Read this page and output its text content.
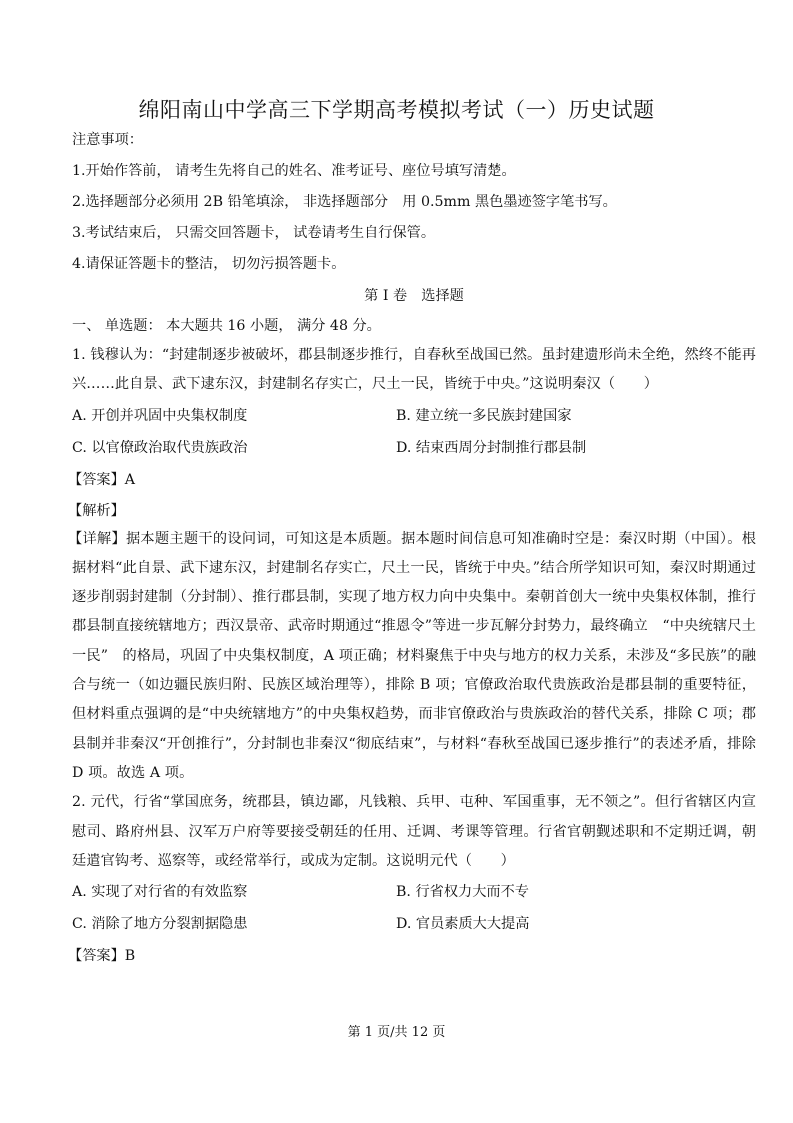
绵阳南山中学高三下学期高考模拟考试（一）历史试题

注意事项：

1.开始作答前， 请考生先将自己的姓名、准考证号、座位号填写清楚。

2.选择题部分必须用 2B 铅笔填涂， 非选择题部分　用 0.5mm 黑色墨迹签字笔书写。

3.考试结束后， 只需交回答题卡， 试卷请考生自行保管。

4.请保证答题卡的整洁， 切勿污损答题卡。

第 I 卷　选择题

一、 单选题： 本大题共 16 小题， 满分 48 分。

1. 钱穆认为：“封建制逐步被破坏，郡县制逐步推行，自春秋至战国已然。虽封建遗形尚未全绝，然终不能再兴……此自景、武下逮东汉，封建制名存实亡，尺土一民，皆统于中央。”这说明秦汉（　　）

A. 开创并巩固中央集权制度	B. 建立统一多民族封建国家
C. 以官僚政治取代贵族政治	D. 结束西周分封制推行郡县制

【答案】A

【解析】

【详解】据本题主题干的设问词，可知这是本质题。据本题时间信息可知准确时空是：秦汉时期（中国）。根据材料“此自景、武下逮东汉，封建制名存实亡，尺土一民，皆统于中央。”结合所学知识可知，秦汉时期通过逐步削弱封建制（分封制）、推行郡县制，实现了地方权力向中央集中。秦朝首创大一统中央集权体制，推行郡县制直接统辖地方；西汉景帝、武帝时期通过“推恩令”等进一步瓦解分封势力，最终确立　“中央统辖尺土一民”　的格局，巩固了中央集权制度，A 项正确；材料聚焦于中央与地方的权力关系，未涉及“多民族”的融合与统一（如边疆民族归附、民族区域治理等），排除 B 项；官僚政治取代贵族政治是郡县制的重要特征，但材料重点强调的是“中央统辖地方”的中央集权趋势，而非官僚政治与贵族政治的替代关系，排除 C 项；郡县制并非秦汉“开创推行”，分封制也非秦汉“彻底结束”，与材料“春秋至战国已逐步推行”的表述矛盾，排除 D 项。故选 A 项。

2. 元代，行省“掌国庶务，统郡县，镇边鄙，凡钱粮、兵甲、屯种、军国重事，无不领之”。但行省辖区内宣慰司、路府州县、汉军万户府等要接受朝廷的任用、迁调、考课等管理。行省官朝觐述职和不定期迁调，朝廷遣官钩考、巡察等，或经常举行，或成为定制。这说明元代（　　）

A. 实现了对行省的有效监察	B. 行省权力大而不专
C. 消除了地方分裂割据隐患	D. 官员素质大大提高

【答案】B

第 1 页/共 12 页
